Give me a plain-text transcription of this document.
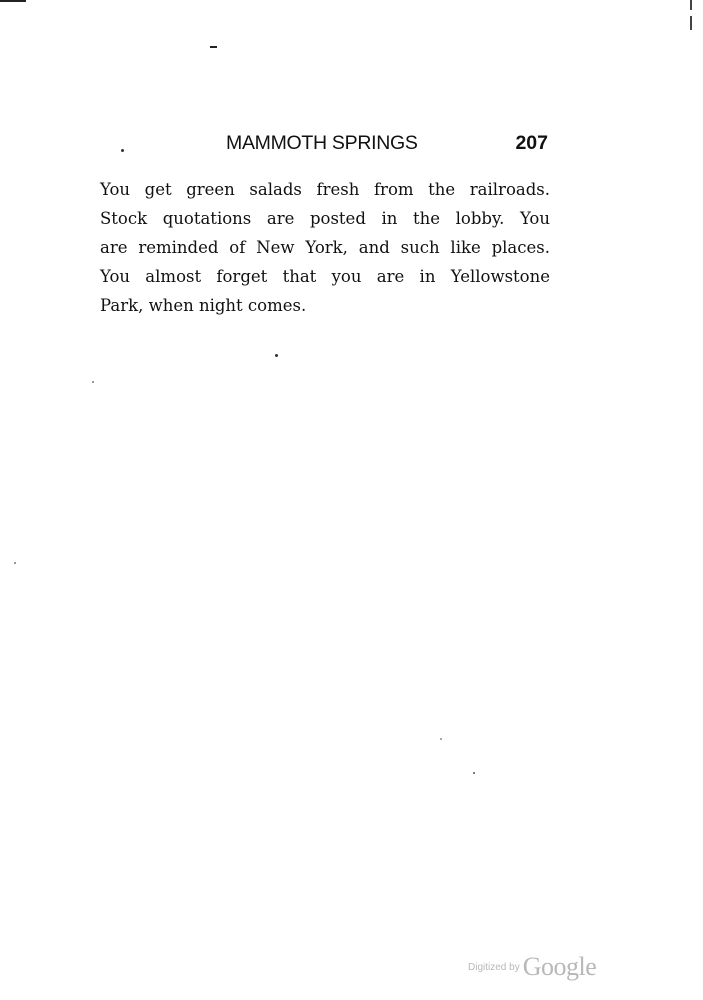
MAMMOTH SPRINGS	207
You get green salads fresh from the railroads.
Stock quotations are posted in the lobby. You
are reminded of New York, and such like places.
You almost forget that you are in Yellowstone
Park, when night comes.
Digitized by Google
